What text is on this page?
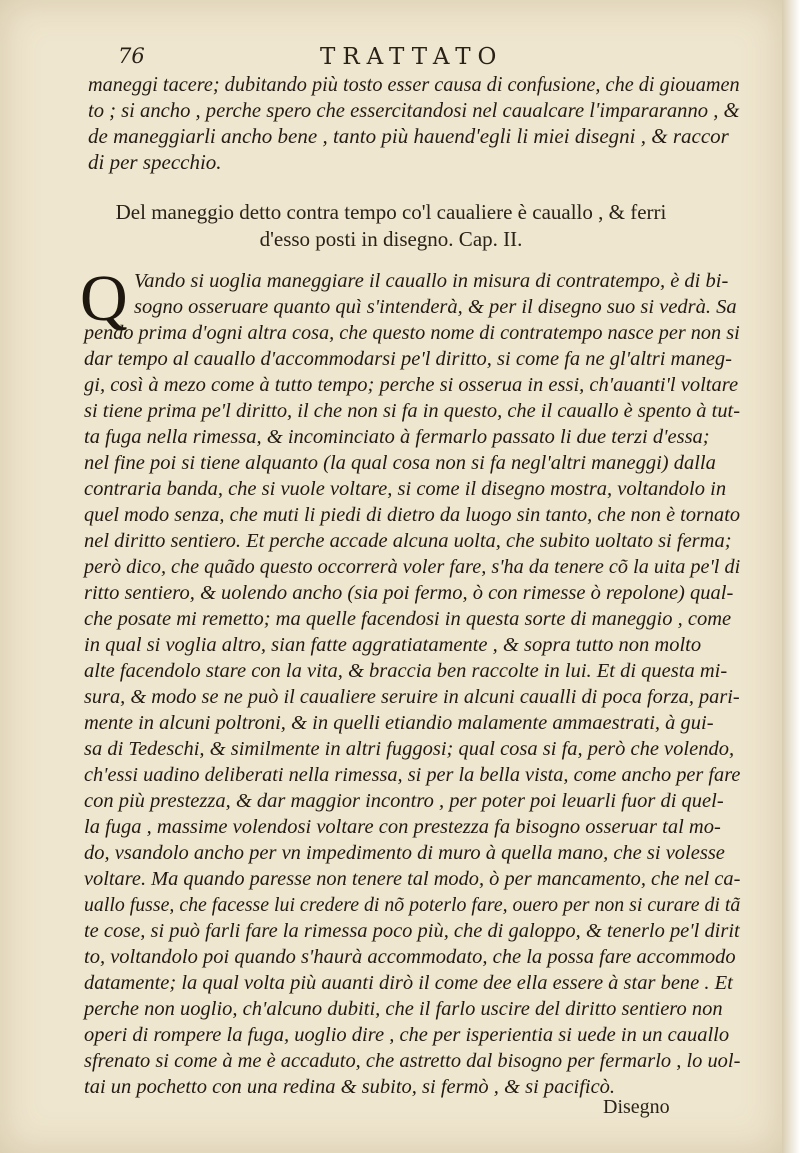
76	TRATTATO
maneggi tacere; dubitando più tosto esser causa di confusione, che di giouamen
to ; si ancho , perche spero che essercitandosi nel caualcare l'impararanno , &
de maneggiarli ancho bene , tanto più hauend'egli li miei disegni , & raccor
di per specchio.
Del maneggio detto contra tempo co'l caualiere è cauallo , & ferri
d'esso posti in disegno. Cap. II.
Q Vando si uoglia maneggiare il cauallo in misura di contratempo, è di bi-
sogno osseruare quanto quì s'intenderà, & per il disegno suo si vedrà. Sa
pendo prima d'ogni altra cosa, che questo nome di contratempo nasce per non si
dar tempo al cauallo d'accommodarsi pe'l diritto, si come fa ne gl'altri maneg-
gi, così à mezo come à tutto tempo; perche si osserua in essi, ch'auanti'l voltare
si tiene prima pe'l diritto, il che non si fa in questo, che il cauallo è spento à tut-
ta fuga nella rimessa, & incominciato à fermarlo passato li due terzi d'essa;
nel fine poi si tiene alquanto (la qual cosa non si fa negl'altri maneggi) dalla
contraria banda, che si vuole voltare, si come il disegno mostra, voltandolo in
quel modo senza, che muti li piedi di dietro da luogo sin tanto, che non è tornato
nel diritto sentiero. Et perche accade alcuna uolta, che subito uoltato si ferma;
però dico, che quãdo questo occorrerà voler fare, s'ha da tenere cõ la uita pe'l di
ritto sentiero, & uolendo ancho (sia poi fermo, ò con rimesse ò repolone) qual-
che posate mi remetto; ma quelle facendosi in questa sorte di maneggio , come
in qual si voglia altro, sian fatte aggratiatamente , & sopra tutto non molto
alte facendolo stare con la vita, & braccia ben raccolte in lui. Et di questa mi-
sura, & modo se ne può il caualiere seruire in alcuni caualli di poca forza, pari-
mente in alcuni poltroni, & in quelli etiandio malamente ammaestrati, à gui-
sa di Tedeschi, & similmente in altri fuggosi; qual cosa si fa, però che volendo,
ch'essi uadino deliberati nella rimessa, si per la bella vista, come ancho per fare
con più prestezza, & dar maggior incontro , per poter poi leuarli fuor di quel-
la fuga , massime volendosi voltare con prestezza fa bisogno osseruar tal mo-
do, vsandolo ancho per vn impedimento di muro à quella mano, che si volesse
voltare. Ma quando paresse non tenere tal modo, ò per mancamento, che nel ca-
uallo fusse, che facesse lui credere di nõ poterlo fare, ouero per non si curare di tã
te cose, si può farli fare la rimessa poco più, che di galoppo, & tenerlo pe'l dirit
to, voltandolo poi quando s'haurà accommodato, che la possa fare accommodo
datamente; la qual volta più auanti dirò il come dee ella essere à star bene . Et
perche non uoglio, ch'alcuno dubiti, che il farlo uscire del diritto sentiero non
operi di rompere la fuga, uoglio dire , che per isperientia si uede in un cauallo
sfrenato si come à me è accaduto, che astretto dal bisogno per fermarlo , lo uol-
tai un pochetto con una redina & subito, si fermò , & si pacificò.
Disegno
